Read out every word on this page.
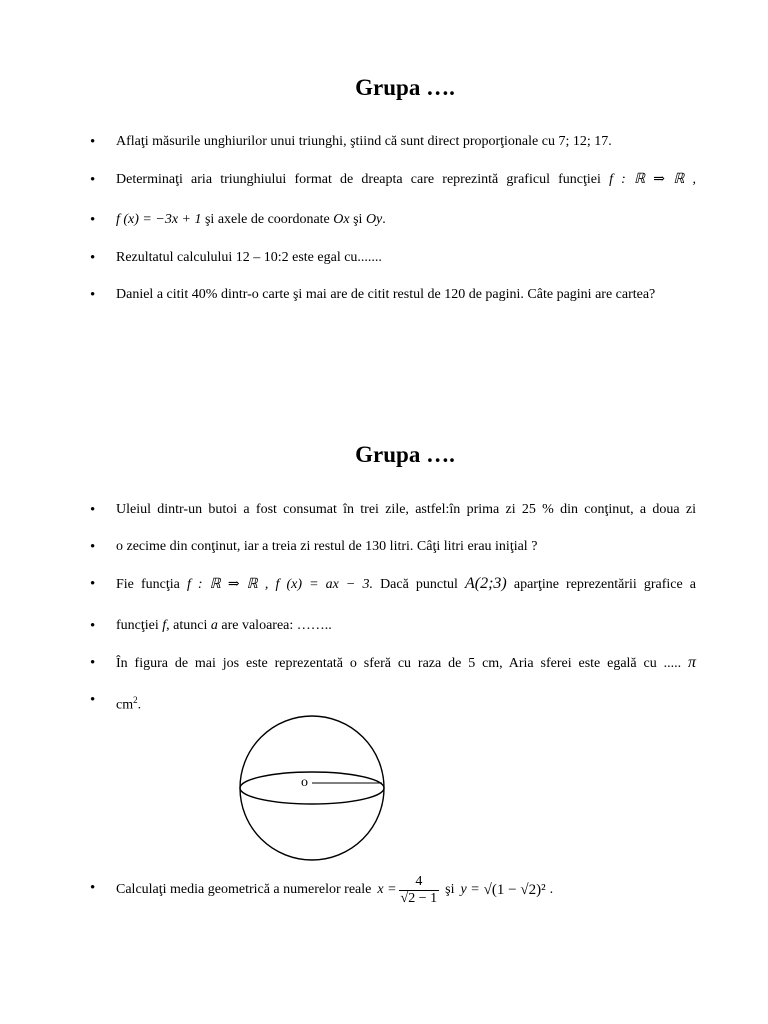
Grupa ….
• Aflaţi măsurile unghiurilor unui triunghi, ştiind că sunt direct proporţionale cu 7; 12; 17.
• Determinaţi aria triunghiului format de dreapta care reprezintă graficul funcţiei f : ℝ ⇒ ℝ ,
• f (x) = −3x + 1 şi axele de coordonate Ox şi Oy.
• Rezultatul calculului 12 – 10:2 este egal cu.......
• Daniel a citit 40% dintr-o carte şi mai are de citit restul de 120 de pagini. Câte pagini are cartea?
Grupa ….
• Uleiul dintr-un butoi a fost consumat în trei zile, astfel:în prima zi 25 % din conţinut, a doua zi
• o zecime din conţinut, iar a treia zi restul de 130 litri. Câţi litri erau iniţial ?
• Fie funcţia f : ℝ ⇒ ℝ , f (x) = ax − 3. Dacă punctul A(2;3) aparţine reprezentării grafice a
• funcţiei f, atunci a are valoarea: ……..
• În figura de mai jos este reprezentată o sferă cu raza de 5 cm, Aria sferei este egală cu ..... π
• $cm^2$.
o
• Calculaţi media geometrică a numerelor reale $x = \frac{4}{√2 - 1}$ şi y = √(1 − √2)² .
